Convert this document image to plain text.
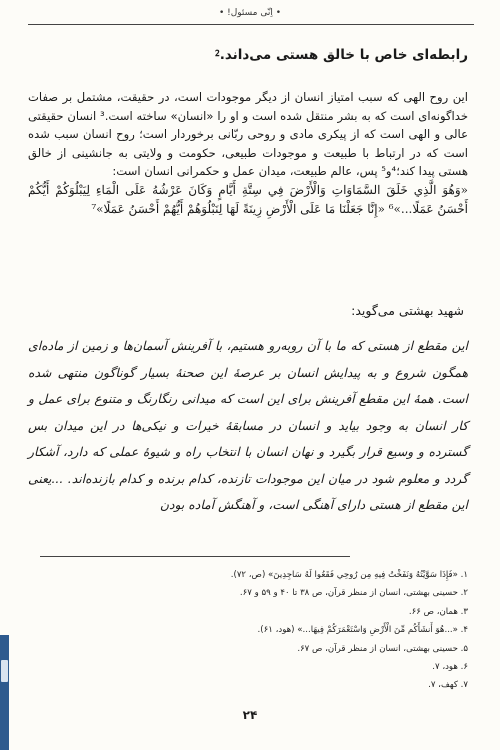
• اِنّی مسئول! •
رابطه‌ای خاص با خالق هستی می‌داند.⁲

این روح الهی که سبب امتیاز انسان از دیگر موجودات است، در حقیقت، مشتمل بر صفات خداگونه‌ای است که به بشر منتقل شده است و او را «انسان» ساخته است.³ انسان حقیقتی عالی و الهی است که از پیکری مادی و روحی ربّانی برخوردار است؛ روح انسان سبب شده است که در ارتباط با طبیعت و موجودات طبیعی، حکومت و ولایتی به جانشینی از خالق هستی پیدا کند؛⁴و⁵ پس، عالم طبیعت، میدان عمل و حکمرانی انسان است:

«وَهُوَ الَّذِي خَلَقَ السَّمَاوَاتِ وَالْأَرْضَ فِي سِتَّةِ أَيَّامٍ وَكَانَ عَرْشُهُ عَلَى الْمَاءِ لِيَبْلُوَكُمْ أَيُّكُمْ أَحْسَنُ عَمَلًا...»⁶ «إِنَّا جَعَلْنَا مَا عَلَى الْأَرْضِ زِينَةً لَهَا لِنَبْلُوَهُمْ أَيُّهُمْ أَحْسَنُ عَمَلًا»⁷

شهید بهشتی می‌گوید:
این مقطع از هستی که ما با آن روبه‌رو هستیم، با آفرینش آسمان‌ها و زمین از ماده‌ای همگون شروع و به پیدایش انسان بر عرصهٔ این صحنهٔ بسیار گوناگون منتهی شده است. همهٔ این مقطع آفرینش برای این است که میدانی رنگارنگ و متنوع برای عمل و کار انسان به وجود بیاید و انسان در مسابقهٔ خیرات و نیکی‌ها در این میدان بس گسترده و وسیع قرار بگیرد و نهان انسان با انتخاب راه و شیوهٔ عملی که دارد، آشکار گردد و معلوم شود در میان این موجودات تازنده، کدام برنده و کدام بازنده‌اند. ...یعنی این مقطع از هستی دارای آهنگی است، و آهنگش آماده بودن
۱. «فَإِذَا سَوَّيْتُهُ وَنَفَخْتُ فِيهِ مِن رُوحِي فَقَعُوا لَهُ سَاجِدِينَ» (ص، ۷۲).
۲. حسینی بهشتی، انسان از منظر قرآن، ص ۳۸ تا ۴۰ و ۵۹ و ۶۷.
۳. همان، ص ۶۶.
۴. «...هُوَ أَنشَأَكُم مِّنَ الْأَرْضِ وَاسْتَعْمَرَكُمْ فِيهَا...» (هود، ۶۱).
۵. حسینی بهشتی، انسان از منظر قرآن، ص ۶۷.
۶. هود، ۷.
۷. کهف، ۷.
۲۴
